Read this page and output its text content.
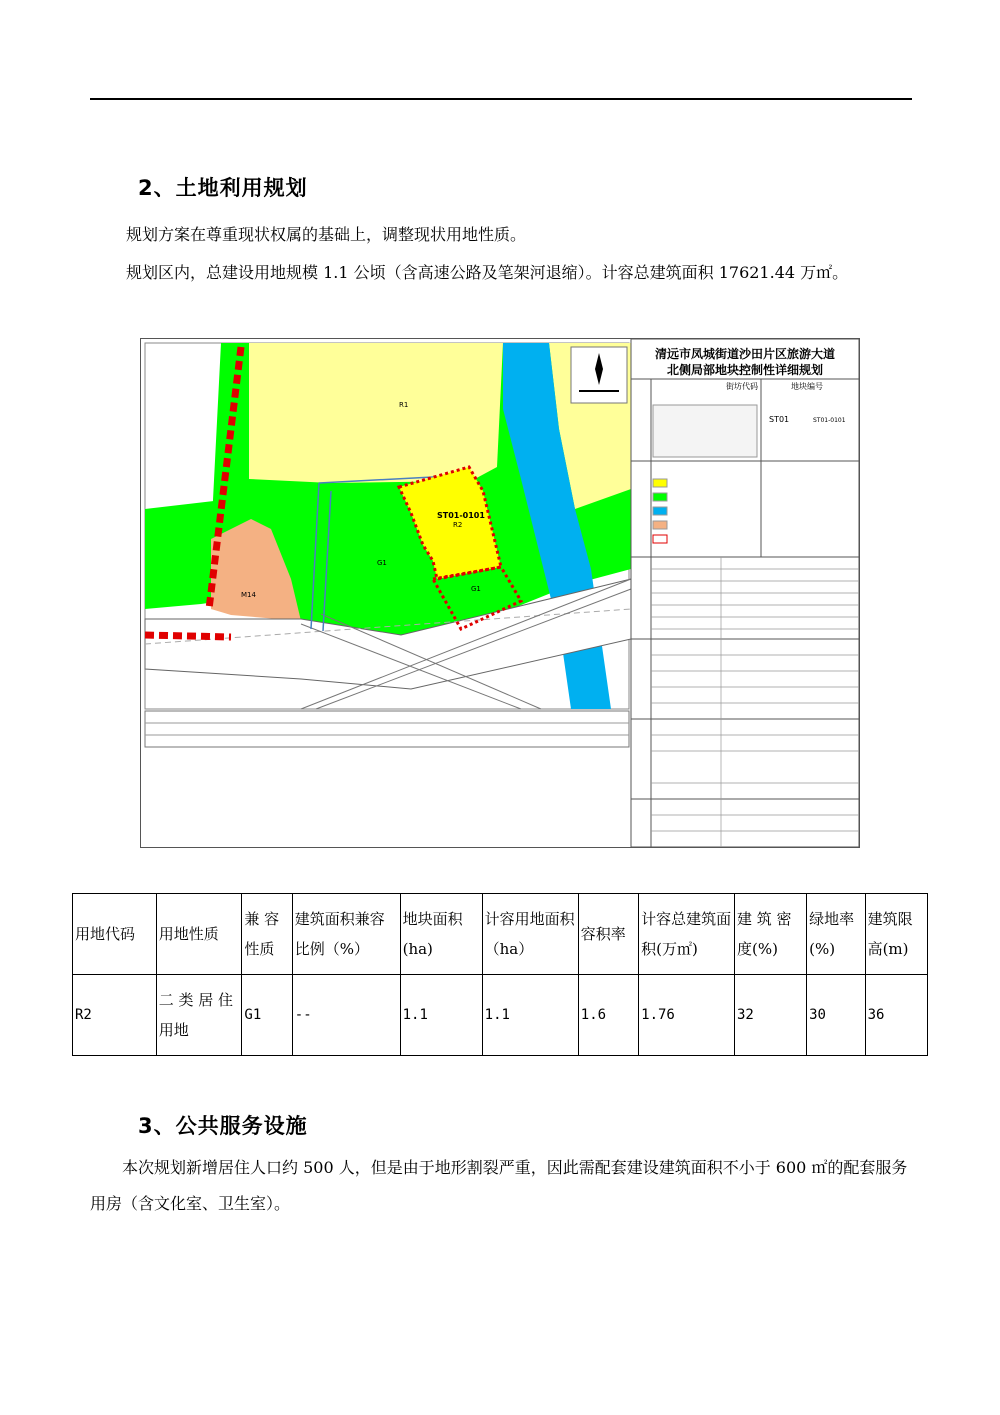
2、土地利用规划
规划方案在尊重现状权属的基础上，调整现状用地性质。
规划区内，总建设用地规模 1.1 公顷（含高速公路及笔架河退缩）。计容总建筑面积 17621.44 万㎡。
清远市凤城街道沙田片区旅游大道
北侧局部地块控制性详细规划
街坊代码	地块编号
ST01	ST01-0101
R1
ST01-0101
R2
G1
G1
M14
用地代码	用地性质	兼 容性质	建筑面积兼容比例（%）	地块面积(ha)	计容用地面积（ha）	容积率	计容总建筑面积(万㎡)	建 筑 密度(%)	绿地率(%)	建筑限高(m)
R2	二 类 居 住用地	G1	--	1.1	1.1	1.6	1.76	32	30	36
3、公共服务设施
本次规划新增居住人口约 500 人，但是由于地形割裂严重，因此需配套建设建筑面积不小于 600 ㎡的配套服务用房（含文化室、卫生室）。
